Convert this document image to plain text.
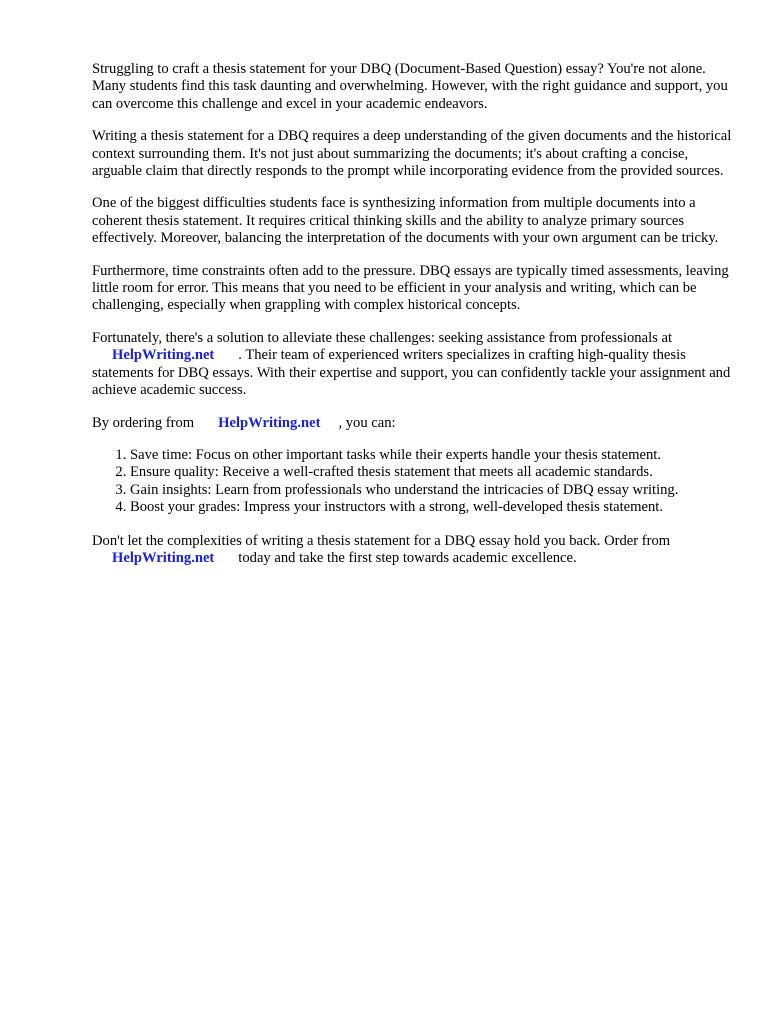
Struggling to craft a thesis statement for your DBQ (Document-Based Question) essay? You're not alone. Many students find this task daunting and overwhelming. However, with the right guidance and support, you can overcome this challenge and excel in your academic endeavors.

Writing a thesis statement for a DBQ requires a deep understanding of the given documents and the historical context surrounding them. It's not just about summarizing the documents; it's about crafting a concise, arguable claim that directly responds to the prompt while incorporating evidence from the provided sources.

One of the biggest difficulties students face is synthesizing information from multiple documents into a coherent thesis statement. It requires critical thinking skills and the ability to analyze primary sources effectively. Moreover, balancing the interpretation of the documents with your own argument can be tricky.

Furthermore, time constraints often add to the pressure. DBQ essays are typically timed assessments, leaving little room for error. This means that you need to be efficient in your analysis and writing, which can be challenging, especially when grappling with complex historical concepts.

Fortunately, there's a solution to alleviate these challenges: seeking assistance from professionals at
HelpWriting.net . Their team of experienced writers specializes in crafting high-quality thesis statements for DBQ essays. With their expertise and support, you can confidently tackle your assignment and achieve academic success.

By ordering from HelpWriting.net , you can:

1. Save time: Focus on other important tasks while their experts handle your thesis statement.
2. Ensure quality: Receive a well-crafted thesis statement that meets all academic standards.
3. Gain insights: Learn from professionals who understand the intricacies of DBQ essay writing.
4. Boost your grades: Impress your instructors with a strong, well-developed thesis statement.

Don't let the complexities of writing a thesis statement for a DBQ essay hold you back. Order from
HelpWriting.net today and take the first step towards academic excellence.
